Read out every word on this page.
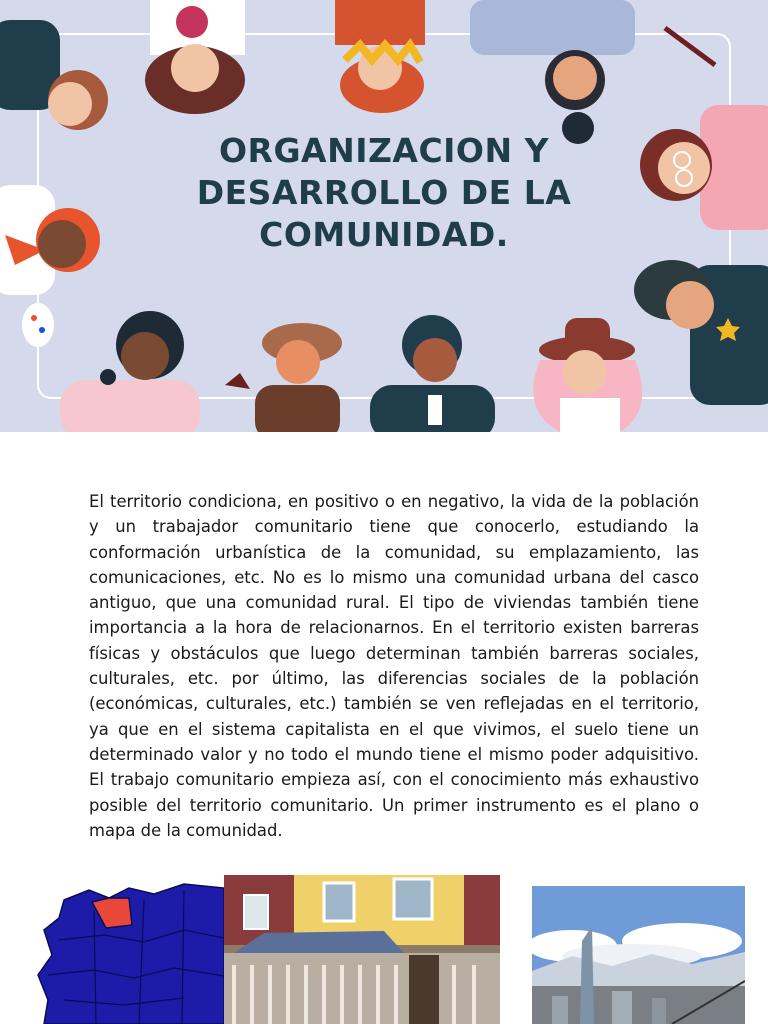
ORGANIZACION Y
DESARROLLO DE LA
COMUNIDAD.

El territorio condiciona, en positivo o en negativo, la vida de la población y un trabajador comunitario tiene que conocerlo, estudiando la conformación urbanística de la comunidad, su emplazamiento, las comunicaciones, etc. No es lo mismo una comunidad urbana del casco antiguo, que una comunidad rural. El tipo de viviendas también tiene importancia a la hora de relacionarnos. En el territorio existen barreras físicas y obstáculos que luego determinan también barreras sociales, culturales, etc. por último, las diferencias sociales de la población (económicas, culturales, etc.) también se ven reflejadas en el territorio, ya que en el sistema capitalista en el que vivimos, el suelo tiene un determinado valor y no todo el mundo tiene el mismo poder adquisitivo. El trabajo comunitario empieza así, con el conocimiento más exhaustivo posible del territorio comunitario. Un primer instrumento es el plano o mapa de la comunidad.
